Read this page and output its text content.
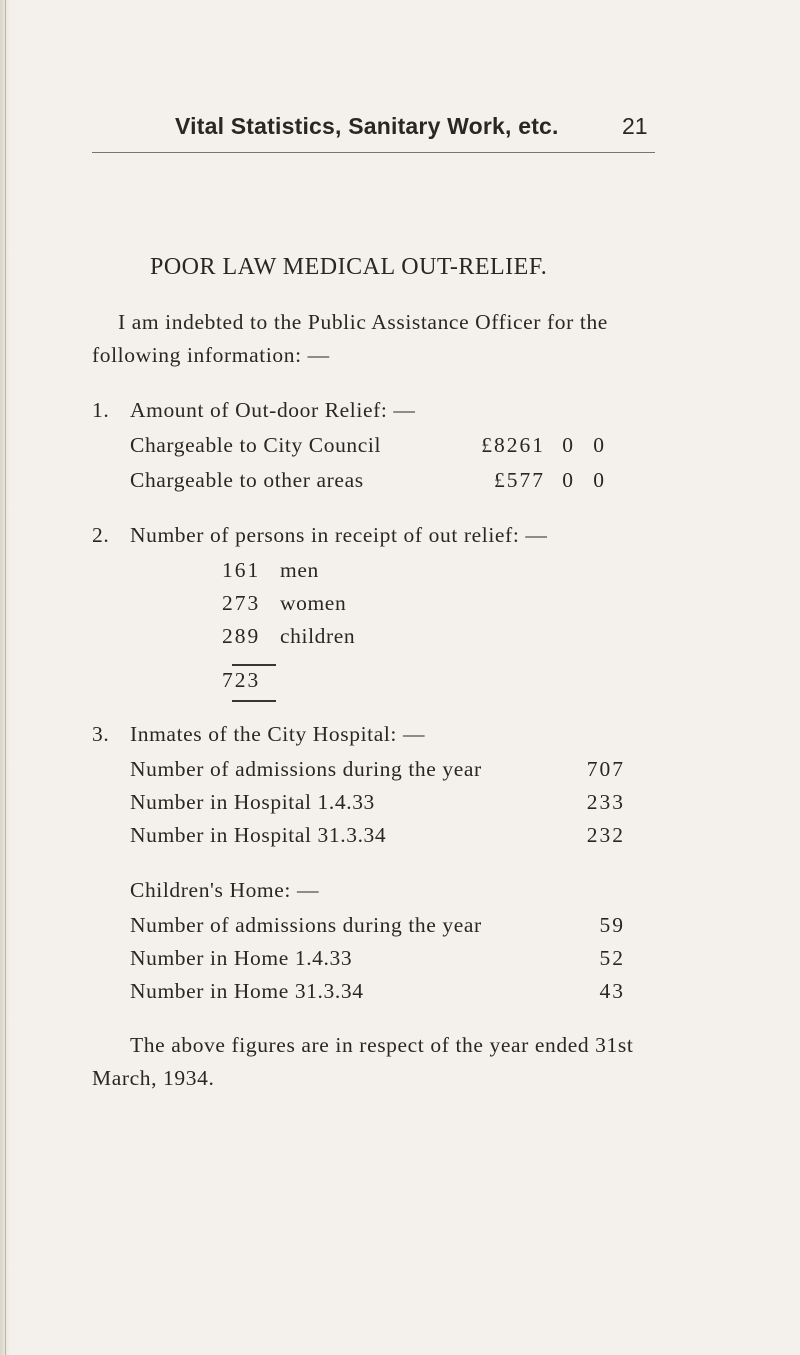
Vital Statistics, Sanitary Work, etc.	21
POOR LAW MEDICAL OUT-RELIEF.
I am indebted to the Public Assistance Officer for the
following information: —
1. Amount of Out-door Relief: —
Chargeable to City Council	£8261 0 0
Chargeable to other areas	£577 0 0
2. Number of persons in receipt of out relief: —
161 men
273 women
289 children
723
3. Inmates of the City Hospital: —
Number of admissions during the year	707
Number in Hospital 1.4.33	233
Number in Hospital 31.3.34	232
Children's Home: —
Number of admissions during the year	59
Number in Home 1.4.33	52
Number in Home 31.3.34	43
The above figures are in respect of the year ended 31st
March, 1934.
